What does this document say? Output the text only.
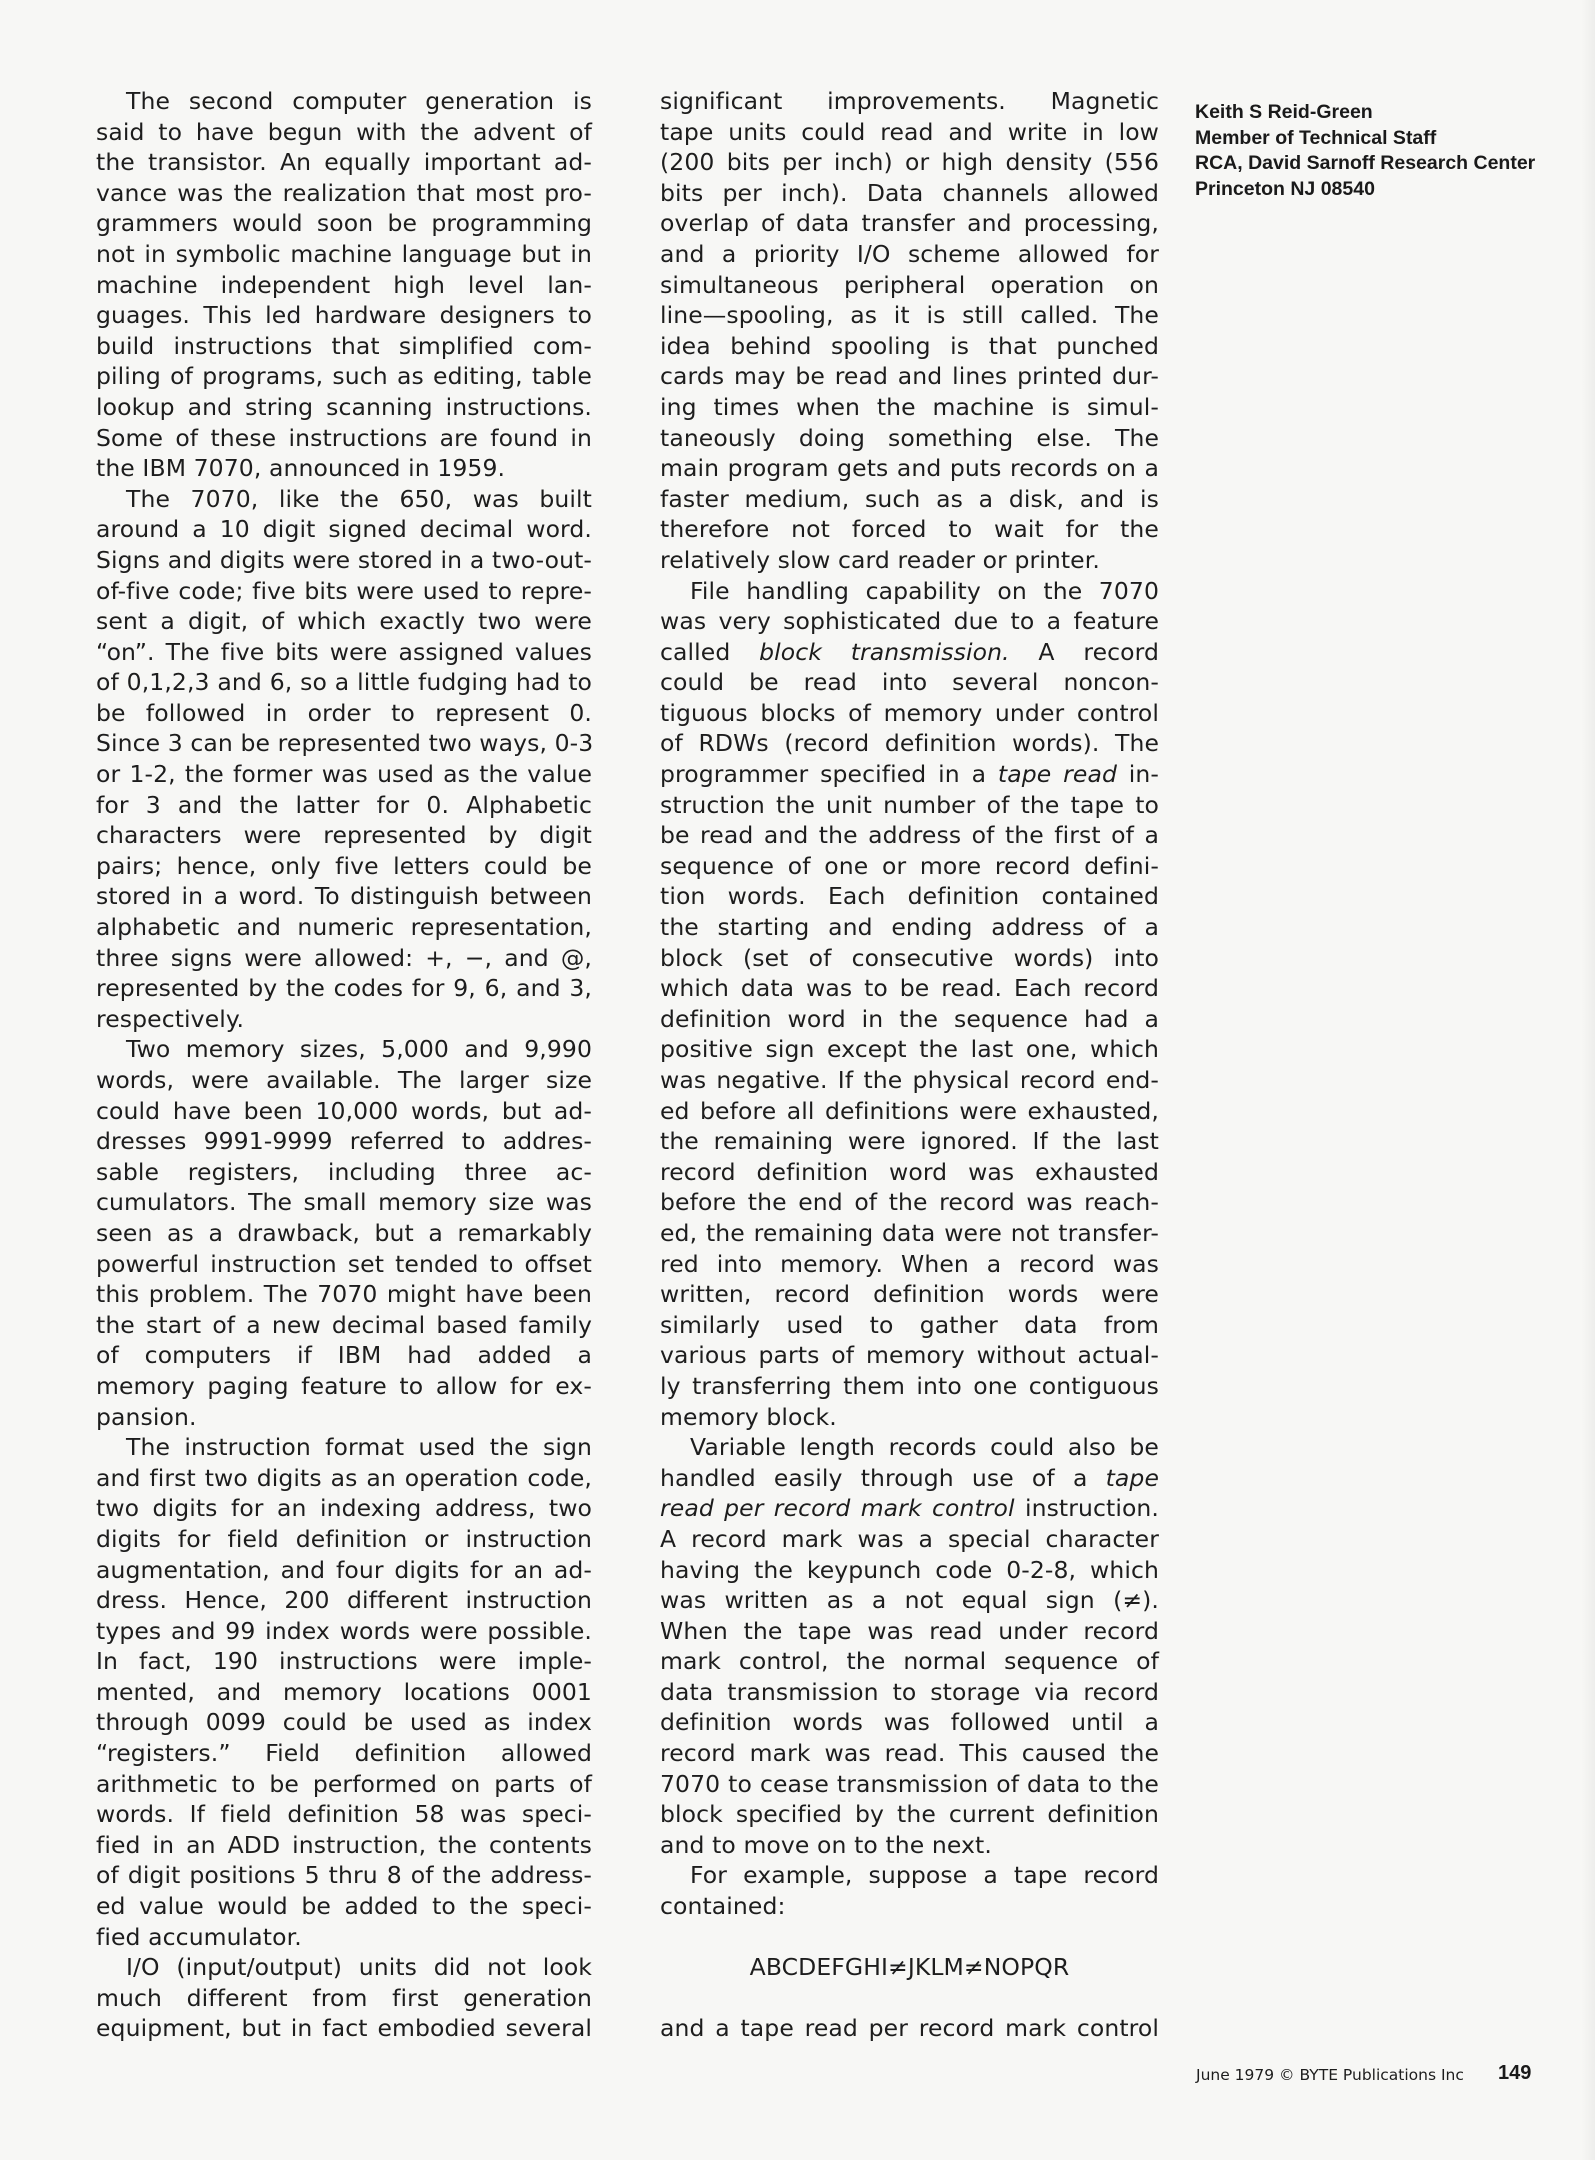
The second computer generation is
said to have begun with the advent of
the transistor. An equally important ad-
vance was the realization that most pro-
grammers would soon be programming
not in symbolic machine language but in
machine independent high level lan-
guages. This led hardware designers to
build instructions that simplified com-
piling of programs, such as editing, table
lookup and string scanning instructions.
Some of these instructions are found in
the IBM 7070, announced in 1959.
The 7070, like the 650, was built
around a 10 digit signed decimal word.
Signs and digits were stored in a two-out-
of-five code; five bits were used to repre-
sent a digit, of which exactly two were
“on”. The five bits were assigned values
of 0,1,2,3 and 6, so a little fudging had to
be followed in order to represent 0.
Since 3 can be represented two ways, 0-3
or 1-2, the former was used as the value
for 3 and the latter for 0. Alphabetic
characters were represented by digit
pairs; hence, only five letters could be
stored in a word. To distinguish between
alphabetic and numeric representation,
three signs were allowed: +, −, and @,
represented by the codes for 9, 6, and 3,
respectively.
Two memory sizes, 5,000 and 9,990
words, were available. The larger size
could have been 10,000 words, but ad-
dresses 9991-9999 referred to addres-
sable registers, including three ac-
cumulators. The small memory size was
seen as a drawback, but a remarkably
powerful instruction set tended to offset
this problem. The 7070 might have been
the start of a new decimal based family
of computers if IBM had added a
memory paging feature to allow for ex-
pansion.
The instruction format used the sign
and first two digits as an operation code,
two digits for an indexing address, two
digits for field definition or instruction
augmentation, and four digits for an ad-
dress. Hence, 200 different instruction
types and 99 index words were possible.
In fact, 190 instructions were imple-
mented, and memory locations 0001
through 0099 could be used as index
“registers.” Field definition allowed
arithmetic to be performed on parts of
words. If field definition 58 was speci-
fied in an ADD instruction, the contents
of digit positions 5 thru 8 of the address-
ed value would be added to the speci-
fied accumulator.
I/O (input/output) units did not look
much different from first generation
equipment, but in fact embodied several
significant improvements. Magnetic
tape units could read and write in low
(200 bits per inch) or high density (556
bits per inch). Data channels allowed
overlap of data transfer and processing,
and a priority I/O scheme allowed for
simultaneous peripheral operation on
line—spooling, as it is still called. The
idea behind spooling is that punched
cards may be read and lines printed dur-
ing times when the machine is simul-
taneously doing something else. The
main program gets and puts records on a
faster medium, such as a disk, and is
therefore not forced to wait for the
relatively slow card reader or printer.
File handling capability on the 7070
was very sophisticated due to a feature
called block transmission. A record
could be read into several noncon-
tiguous blocks of memory under control
of RDWs (record definition words). The
programmer specified in a tape read in-
struction the unit number of the tape to
be read and the address of the first of a
sequence of one or more record defini-
tion words. Each definition contained
the starting and ending address of a
block (set of consecutive words) into
which data was to be read. Each record
definition word in the sequence had a
positive sign except the last one, which
was negative. If the physical record end-
ed before all definitions were exhausted,
the remaining were ignored. If the last
record definition word was exhausted
before the end of the record was reach-
ed, the remaining data were not transfer-
red into memory. When a record was
written, record definition words were
similarly used to gather data from
various parts of memory without actual-
ly transferring them into one contiguous
memory block.
Variable length records could also be
handled easily through use of a tape
read per record mark control instruction.
A record mark was a special character
having the keypunch code 0-2-8, which
was written as a not equal sign (≠).
When the tape was read under record
mark control, the normal sequence of
data transmission to storage via record
definition words was followed until a
record mark was read. This caused the
7070 to cease transmission of data to the
block specified by the current definition
and to move on to the next.
For example, suppose a tape record
contained:
ABCDEFGHI≠JKLM≠NOPQR
and a tape read per record mark control
Keith S Reid-Green
Member of Technical Staff
RCA, David Sarnoff Research Center
Princeton NJ 08540
June 1979 © BYTE Publications Inc 149
